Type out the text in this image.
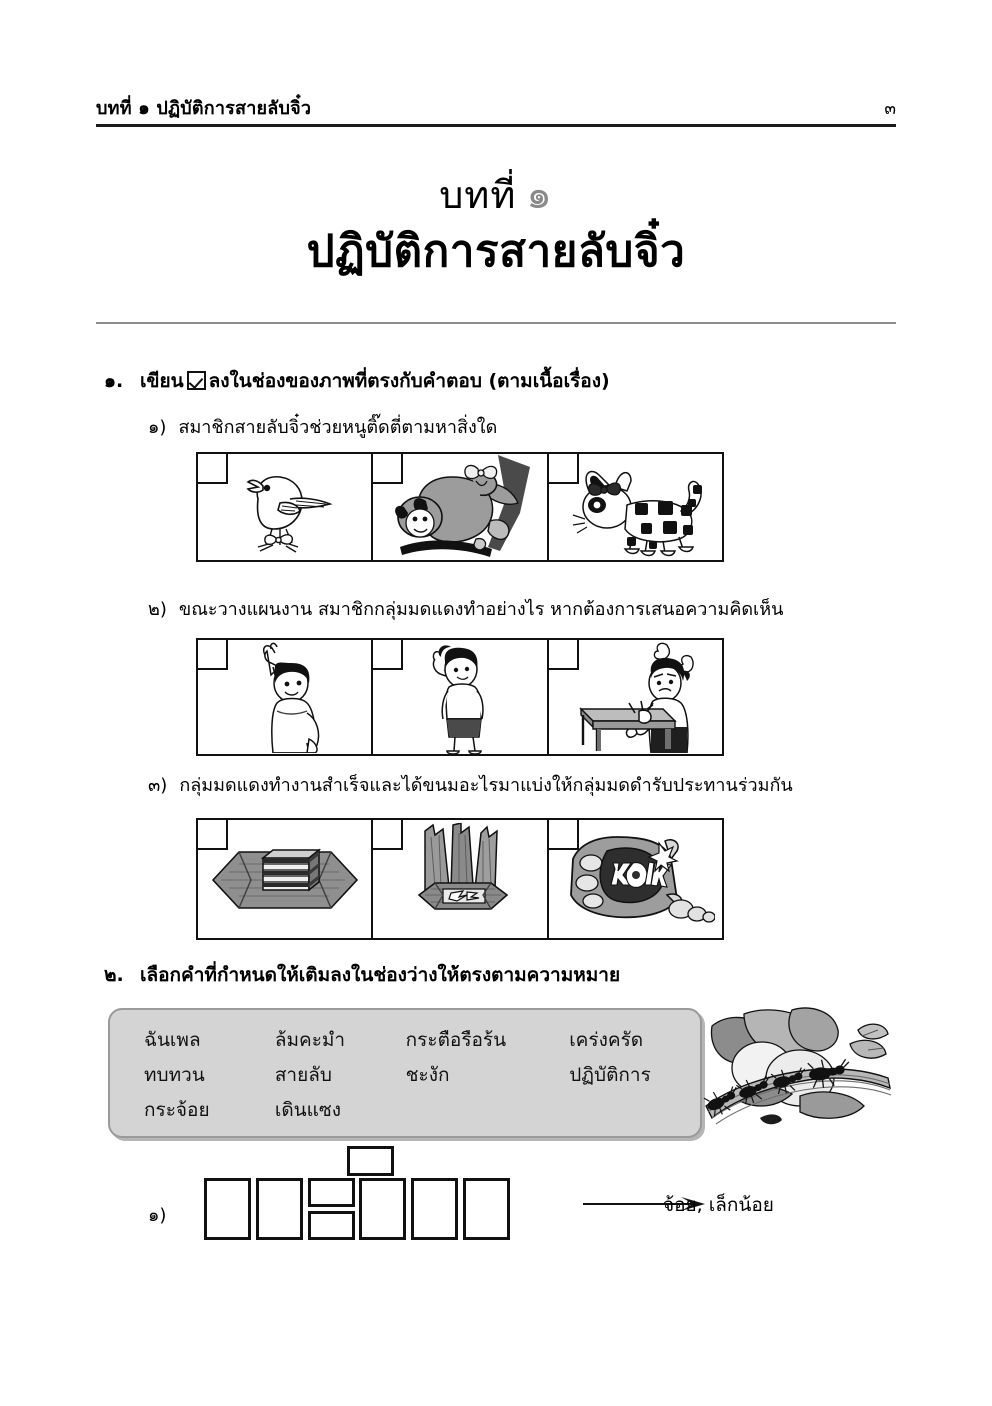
บทที่ ๑ ปฏิบัติการสายลับจิ๋ว	๓
บทที่ ๑
ปฏิบัติการสายลับจิ๋ว
๑. เขียน ลงในช่องของภาพที่ตรงกับคำตอบ (ตามเนื้อเรื่อง)
๑) สมาชิกสายลับจิ๋วช่วยหนูติ๊ดตี่ตามหาสิ่งใด
๒) ขณะวางแผนงาน สมาชิกกลุ่มมดแดงทำอย่างไร หากต้องการเสนอความคิดเห็น
๓) กลุ่มมดแดงทำงานสำเร็จและได้ขนมอะไรมาแบ่งให้กลุ่มมดดำรับประทานร่วมกัน
๒. เลือกคำที่กำหนดให้เติมลงในช่องว่างให้ตรงตามความหมาย
ฉันเพล	ล้มคะมำ	กระตือรือร้น	เคร่งครัด
ทบทวน	สายลับ	ชะงัก	ปฏิบัติการ
กระจ้อย	เดินแซง
๑)	จ้อย, เล็กน้อย
